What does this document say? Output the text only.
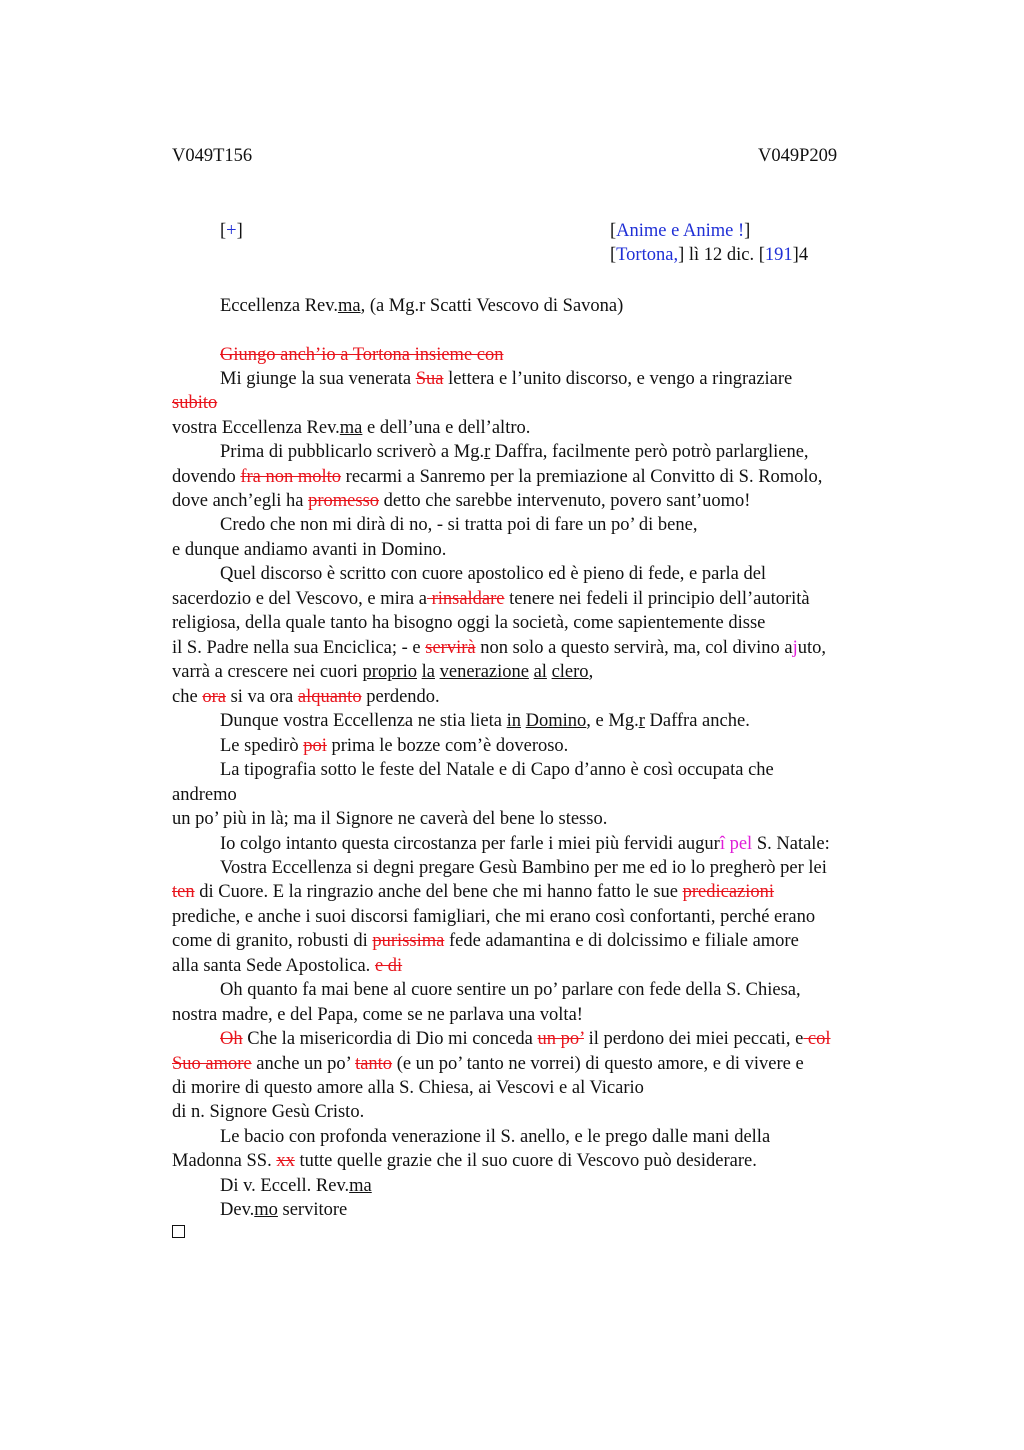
V049T156	V049P209
[+]	[Anime e Anime !]
[Tortona,] lì 12 dic. [191]4
Eccellenza Rev.ma, (a Mg.r Scatti Vescovo di Savona)
Giungo anch’io a Tortona insieme con
Mi giunge la sua venerata Sua lettera e l’unito discorso, e vengo a ringraziare
subito
vostra Eccellenza Rev.ma e dell’una e dell’altro.
Prima di pubblicarlo scriverò a Mg.r Daffra, facilmente però potrò parlargliene,
dovendo fra non molto recarmi a Sanremo per la premiazione al Convitto di S. Romolo,
dove anch’egli ha promesso detto che sarebbe intervenuto, povero sant’uomo!
Credo che non mi dirà di no, - si tratta poi di fare un po’ di bene,
e dunque andiamo avanti in Domino.
Quel discorso è scritto con cuore apostolico ed è pieno di fede, e parla del
sacerdozio e del Vescovo, e mira a rinsaldare tenere nei fedeli il principio dell’autorità
religiosa, della quale tanto ha bisogno oggi la società, come sapientemente disse
il S. Padre nella sua Enciclica; - e servirà non solo a questo servirà, ma, col divino ajuto,
varrà a crescere nei cuori proprio la venerazione al clero,
che ora si va ora alquanto perdendo.
Dunque vostra Eccellenza ne stia lieta in Domino, e Mg.r Daffra anche.
Le spedirò poi prima le bozze com’è doveroso.
La tipografia sotto le feste del Natale e di Capo d’anno è così occupata che
andremo
un po’ più in là; ma il Signore ne caverà del bene lo stesso.
Io colgo intanto questa circostanza per farle i miei più fervidi augurî pel S. Natale:
Vostra Eccellenza si degni pregare Gesù Bambino per me ed io lo pregherò per lei
ten di Cuore. E la ringrazio anche del bene che mi hanno fatto le sue predicazioni
prediche, e anche i suoi discorsi famigliari, che mi erano così confortanti, perché erano
come di granito, robusti di purissima fede adamantina e di dolcissimo e filiale amore
alla santa Sede Apostolica. e di
Oh quanto fa mai bene al cuore sentire un po’ parlare con fede della S. Chiesa,
nostra madre, e del Papa, come se ne parlava una volta!
Oh Che la misericordia di Dio mi conceda un po’ il perdono dei miei peccati, e col
Suo amore anche un po’ tanto (e un po’ tanto ne vorrei) di questo amore, e di vivere e
di morire di questo amore alla S. Chiesa, ai Vescovi e al Vicario
di n. Signore Gesù Cristo.
Le bacio con profonda venerazione il S. anello, e le prego dalle mani della
Madonna SS. xx tutte quelle grazie che il suo cuore di Vescovo può desiderare.
Di v. Eccell. Rev.ma
Dev.mo servitore
